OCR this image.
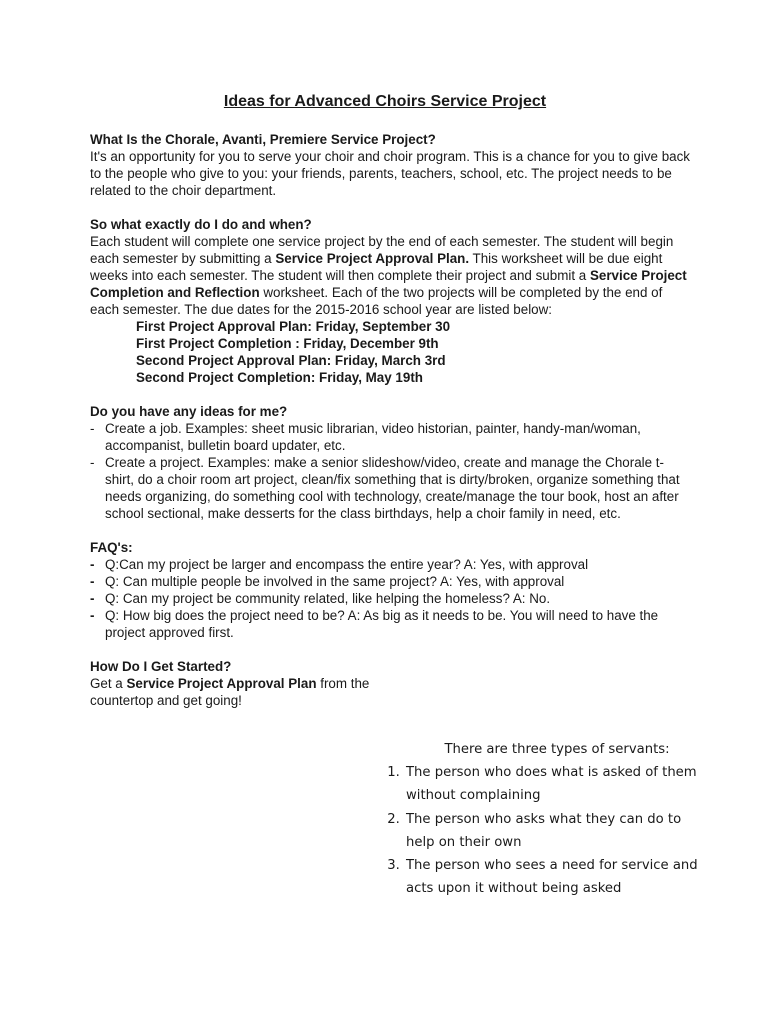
Ideas for Advanced Choirs Service Project

What Is the Chorale, Avanti, Premiere Service Project?

It's an opportunity for you to serve your choir and choir program. This is a chance for you to give back to the people who give to you: your friends, parents, teachers, school, etc. The project needs to be related to the choir department.

So what exactly do I do and when?

Each student will complete one service project by the end of each semester. The student will begin each semester by submitting a Service Project Approval Plan. This worksheet will be due eight weeks into each semester. The student will then complete their project and submit a Service Project Completion and Reflection worksheet. Each of the two projects will be completed by the end of each semester. The due dates for the 2015-2016 school year are listed below:

First Project Approval Plan: Friday, September 30

First Project Completion : Friday, December 9th

Second Project Approval Plan: Friday, March 3rd

Second Project Completion: Friday, May 19th

Do you have any ideas for me?

- Create a job. Examples: sheet music librarian, video historian, painter, handy-man/woman, accompanist, bulletin board updater, etc.

- Create a project. Examples: make a senior slideshow/video, create and manage the Chorale t-shirt, do a choir room art project, clean/fix something that is dirty/broken, organize something that needs organizing, do something cool with technology, create/manage the tour book, host an after school sectional, make desserts for the class birthdays, help a choir family in need, etc.

FAQ's:

- Q:Can my project be larger and encompass the entire year? A: Yes, with approval

- Q: Can multiple people be involved in the same project? A: Yes, with approval

- Q: Can my project be community related, like helping the homeless? A: No.

- Q: How big does the project need to be? A: As big as it needs to be. You will need to have the project approved first.

How Do I Get Started?

Get a Service Project Approval Plan from the countertop and get going!

There are three types of servants:

1. The person who does what is asked of them without complaining
2. The person who asks what they can do to help on their own
3. The person who sees a need for service and acts upon it without being asked
